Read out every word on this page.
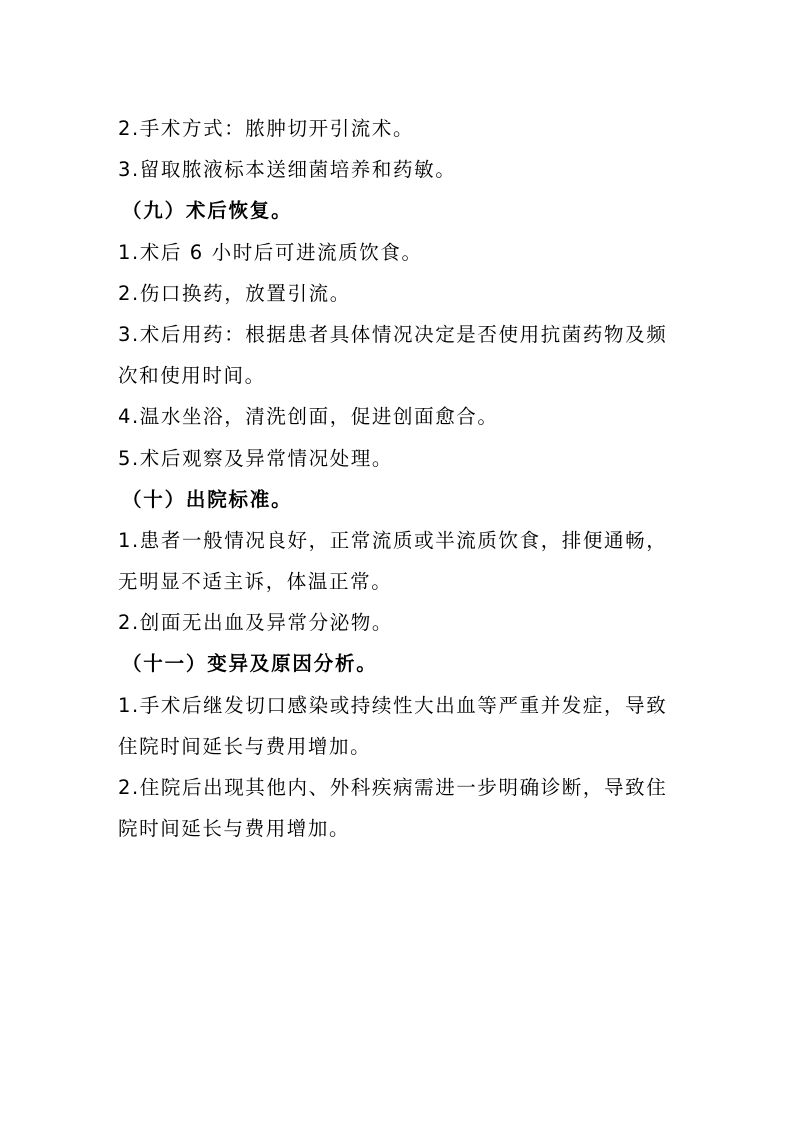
2.手术方式：脓肿切开引流术。
3.留取脓液标本送细菌培养和药敏。
（九）术后恢复。
1.术后 6 小时后可进流质饮食。
2.伤口换药，放置引流。
3.术后用药：根据患者具体情况决定是否使用抗菌药物及频
次和使用时间。
4.温水坐浴，清洗创面，促进创面愈合。
5.术后观察及异常情况处理。
（十）出院标准。
1.患者一般情况良好，正常流质或半流质饮食，排便通畅，
无明显不适主诉，体温正常。
2.创面无出血及异常分泌物。
（十一）变异及原因分析。
1.手术后继发切口感染或持续性大出血等严重并发症，导致
住院时间延长与费用增加。
2.住院后出现其他内、外科疾病需进一步明确诊断，导致住
院时间延长与费用增加。
